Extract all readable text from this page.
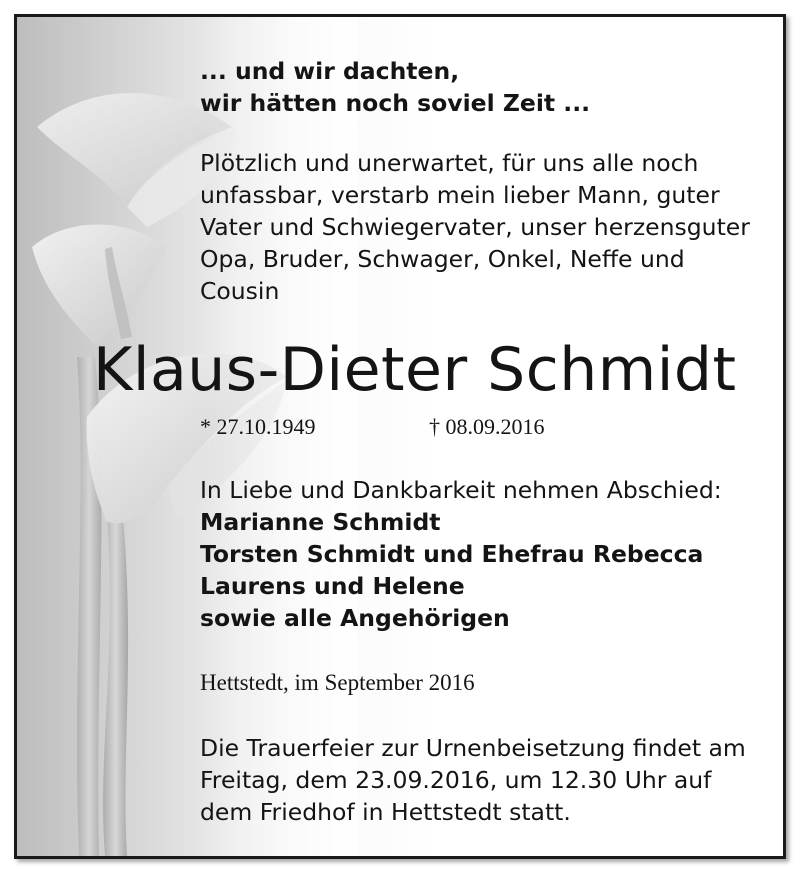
... und wir dachten,
wir hätten noch soviel Zeit ...
Plötzlich und unerwartet, für uns alle noch
unfassbar, verstarb mein lieber Mann, guter
Vater und Schwiegervater, unser herzensguter
Opa, Bruder, Schwager, Onkel, Neffe und
Cousin
Klaus-Dieter Schmidt
* 27.10.1949	† 08.09.2016
In Liebe und Dankbarkeit nehmen Abschied:
Marianne Schmidt
Torsten Schmidt und Ehefrau Rebecca
Laurens und Helene
sowie alle Angehörigen
Hettstedt, im September 2016
Die Trauerfeier zur Urnenbeisetzung findet am
Freitag, dem 23.09.2016, um 12.30 Uhr auf
dem Friedhof in Hettstedt statt.
